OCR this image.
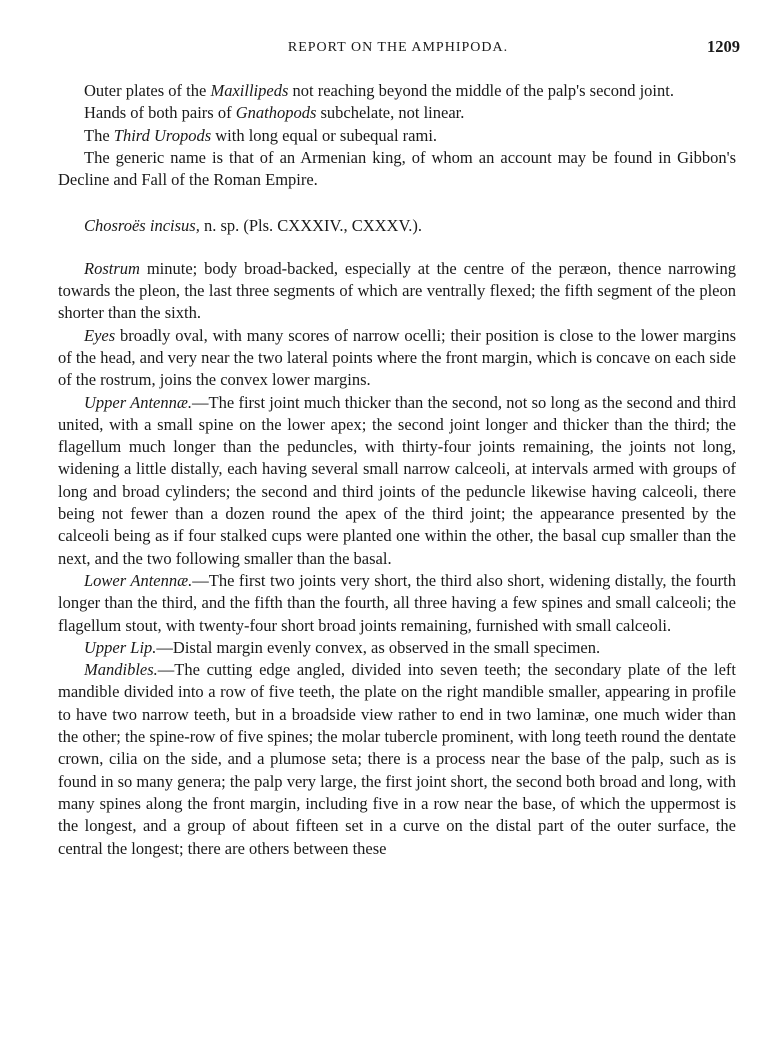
REPORT ON THE AMPHIPODA.	1209

Outer plates of the Maxillipeds not reaching beyond the middle of the palp's second joint.

Hands of both pairs of Gnathopods subchelate, not linear.

The Third Uropods with long equal or subequal rami.

The generic name is that of an Armenian king, of whom an account may be found in Gibbon's Decline and Fall of the Roman Empire.

Chosroës incisus, n. sp. (Pls. CXXXIV., CXXXV.).

Rostrum minute; body broad-backed, especially at the centre of the peræon, thence narrowing towards the pleon, the last three segments of which are ventrally flexed; the fifth segment of the pleon shorter than the sixth.

Eyes broadly oval, with many scores of narrow ocelli; their position is close to the lower margins of the head, and very near the two lateral points where the front margin, which is concave on each side of the rostrum, joins the convex lower margins.

Upper Antennæ.—The first joint much thicker than the second, not so long as the second and third united, with a small spine on the lower apex; the second joint longer and thicker than the third; the flagellum much longer than the peduncles, with thirty-four joints remaining, the joints not long, widening a little distally, each having several small narrow calceoli, at intervals armed with groups of long and broad cylinders; the second and third joints of the peduncle likewise having calceoli, there being not fewer than a dozen round the apex of the third joint; the appearance presented by the calceoli being as if four stalked cups were planted one within the other, the basal cup smaller than the next, and the two following smaller than the basal.

Lower Antennæ.—The first two joints very short, the third also short, widening distally, the fourth longer than the third, and the fifth than the fourth, all three having a few spines and small calceoli; the flagellum stout, with twenty-four short broad joints remaining, furnished with small calceoli.

Upper Lip.—Distal margin evenly convex, as observed in the small specimen.

Mandibles.—The cutting edge angled, divided into seven teeth; the secondary plate of the left mandible divided into a row of five teeth, the plate on the right mandible smaller, appearing in profile to have two narrow teeth, but in a broadside view rather to end in two laminæ, one much wider than the other; the spine-row of five spines; the molar tubercle prominent, with long teeth round the dentate crown, cilia on the side, and a plumose seta; there is a process near the base of the palp, such as is found in so many genera; the palp very large, the first joint short, the second both broad and long, with many spines along the front margin, including five in a row near the base, of which the uppermost is the longest, and a group of about fifteen set in a curve on the distal part of the outer surface, the central the longest; there are others between these
